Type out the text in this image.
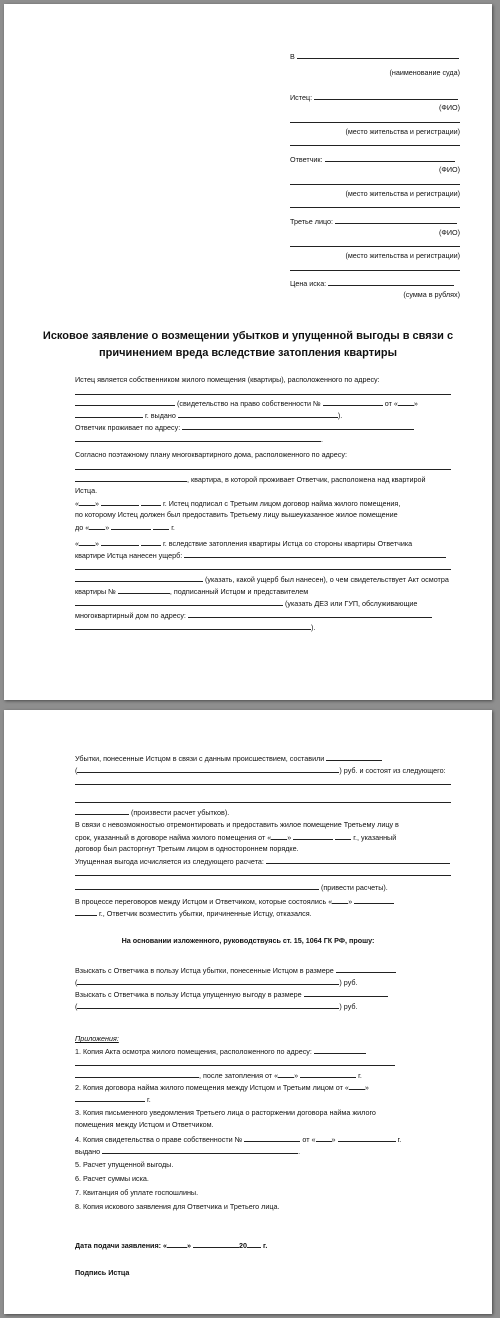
В
(наименование суда)
Истец:
(ФИО)
(место жительства и регистрации)
Ответчик:
(ФИО)
(место жительства и регистрации)
Третье лицо:
(ФИО)
(место жительства и регистрации)
Цена иска:
(сумма в рублях)
Исковое заявление о возмещении убытков и упущенной выгоды в связи с
причинением вреда вследствие затопления квартиры
Истец является собственником жилого помещения (квартиры), расположенного по адресу:
(свидетельство на право собственности №	от « »
г. выдано	).
Ответчик проживает по адресу:
.
Согласно поэтажному плану многоквартирного дома, расположенного по адресу:
, квартира, в которой проживает Ответчик, расположена над квартирой
Истца.
« »	г. Истец подписал с Третьим лицом договор найма жилого помещения,
по которому Истец должен был предоставить Третьему лицу вышеуказанное жилое помещение
до « »	г.
« »	г. вследствие затопления квартиры Истца со стороны квартиры Ответчика
квартире Истца нанесен ущерб:
(указать, какой ущерб был нанесен), о чем свидетельствует Акт осмотра
квартиры №	, подписанный Истцом и представителем
(указать ДЕЗ или ГУП, обслуживающие
многоквартирный дом по адресу:
).
Убытки, понесенные Истцом в связи с данным происшествием, составили
(	) руб. и состоят из следующего:
(произвести расчет убытков).
В связи с невозможностью отремонтировать и предоставить жилое помещение Третьему лицу в
срок, указанный в договоре найма жилого помещения от « »	г., указанный
договор был расторгнут Третьим лицом в одностороннем порядке.
Упущенная выгода исчисляется из следующего расчета:
(привести расчеты).
В процессе переговоров между Истцом и Ответчиком, которые состоялись « »
г., Ответчик возместить убытки, причиненные Истцу, отказался.
На основании изложенного, руководствуясь ст. 15, 1064 ГК РФ, прошу:
Взыскать с Ответчика в пользу Истца убытки, понесенные Истцом в размере
(	) руб.
Взыскать с Ответчика в пользу Истца упущенную выгоду в размере
(	) руб.
Приложения:
1. Копия Акта осмотра жилого помещения, расположенного по адресу:
, после затопления от « »	г.
2. Копия договора найма жилого помещения между Истцом и Третьим лицом от « »
г.
3. Копия письменного уведомления Третьего лица о расторжении договора найма жилого
помещения между Истцом и Ответчиком.
4. Копия свидетельства о праве собственности №	от « »	г.
выдано	.
5. Расчет упущенной выгоды.
6. Расчет суммы иска.
7. Квитанция об уплате госпошлины.
8. Копия искового заявления для Ответчика и Третьего лица.
Дата подачи заявления: «	»	20 г.
Подпись Истца
